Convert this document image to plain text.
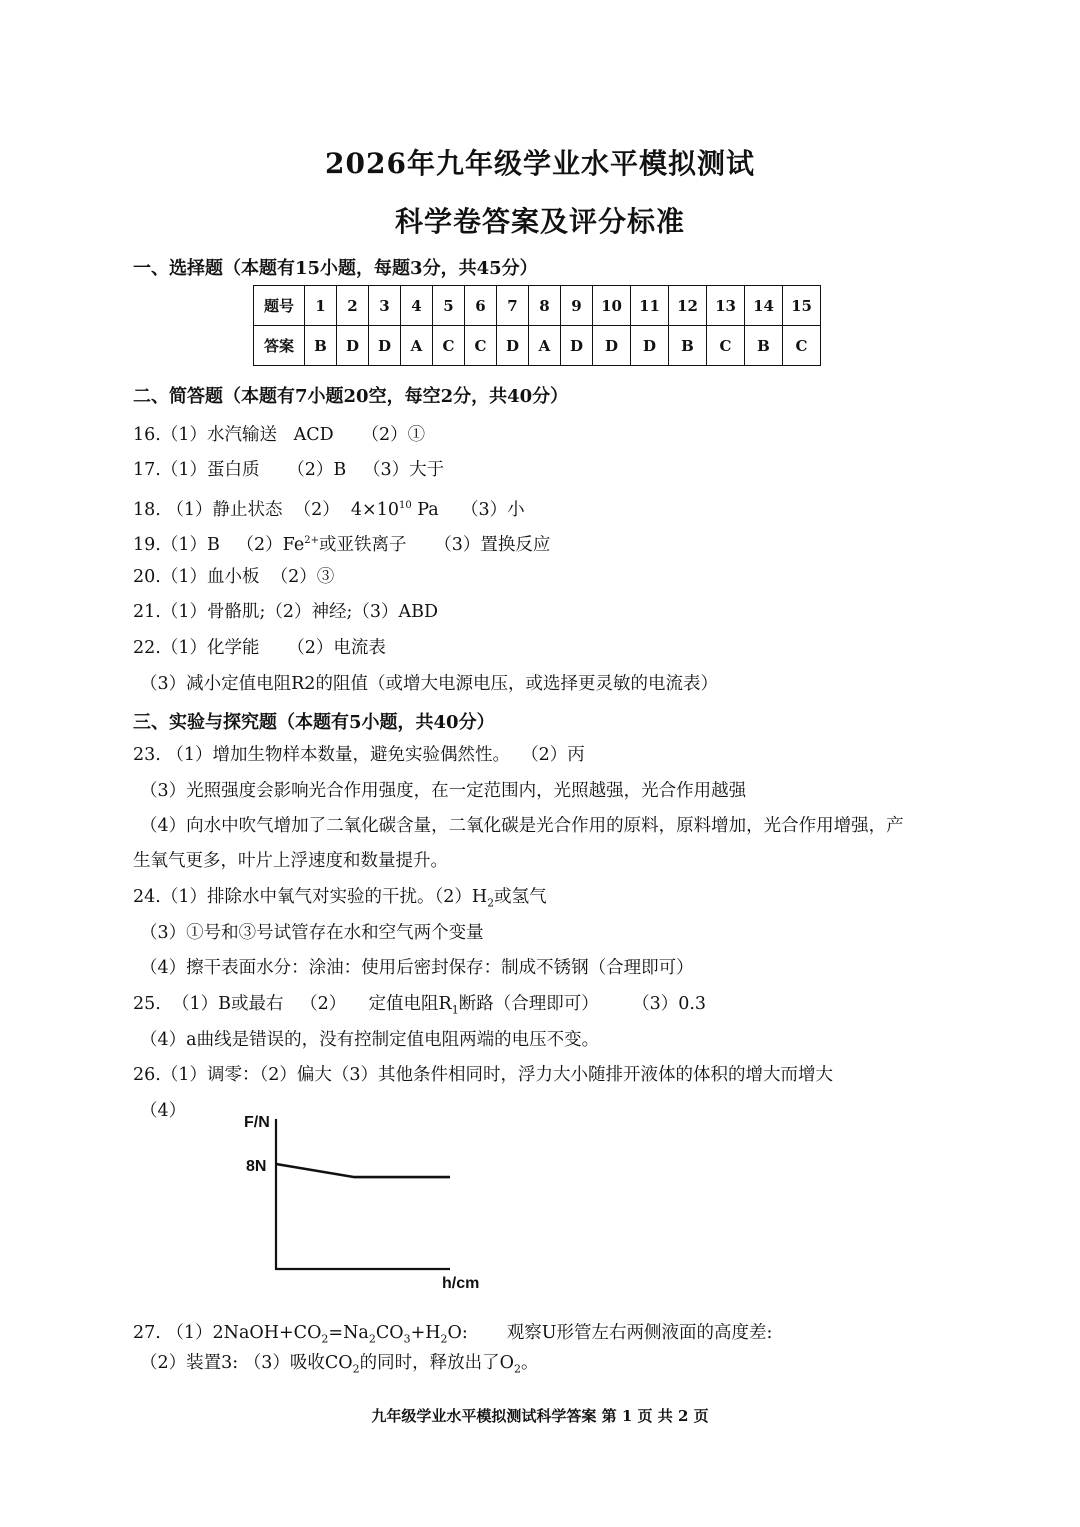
2026年九年级学业水平模拟测试
科学卷答案及评分标准
一、选择题（本题有15小题，每题3分，共45分）
题号	1	2	3	4	5	6	7	8	9	10	11	12	13	14	15
答案	B	D	D	A	C	C	D	A	D	D	D	B	C	B	C
二、简答题（本题有7小题20空，每空2分，共40分）
16.（1）水汽输送   ACD     （2）①
17.（1）蛋白质     （2）B   （3）大于
18. （1）静止状态  （2）  $4\times 10^{10}$ Pa    （3）小
19.（1）B   $(2)Fe^{2+}$或亚铁离子     （3）置换反应
20.（1）血小板  （2）③
21.（1）骨骼肌;（2）神经;（3）ABD
22.（1）化学能     （2）电流表
（3）减小定值电阻R2的阻值（或增大电源电压，或选择更灵敏的电流表）
三、实验与探究题（本题有5小题，共40分）
23. （1）增加生物样本数量，避免实验偶然性。  （2）丙
（3）光照强度会影响光合作用强度，在一定范围内，光照越强，光合作用越强
（4）向水中吹气增加了二氧化碳含量，二氧化碳是光合作用的原料，原料增加，光合作用增强，产
生氧气更多，叶片上浮速度和数量提升。
24.（1）排除水中氧气对实验的干扰。$(2)H_2$或氢气
（3）①号和③号试管存在水和空气两个变量
（4）擦干表面水分：涂油：使用后密封保存：制成不锈钢（合理即可）
25.  （1）B或最右   （2）    定值电阻$R_1$断路（合理即可）      （3）0.3
（4）a曲线是错误的，没有控制定值电阻两端的电压不变。
26.（1）调零：（2）偏大（3）其他条件相同时，浮力大小随排开液体的体积的增大而增大
（4）
F/N
h/cm
8N
27. $(1)2NaOH+CO_2=Na_2CO_3+H_2O$:       观察U形管左右两侧液面的高度差:
（2）装置3: （3）吸收$CO_2$的同时，释放出了$O_2$。
九年级学业水平模拟测试科学答案 第 1 页 共 2 页
